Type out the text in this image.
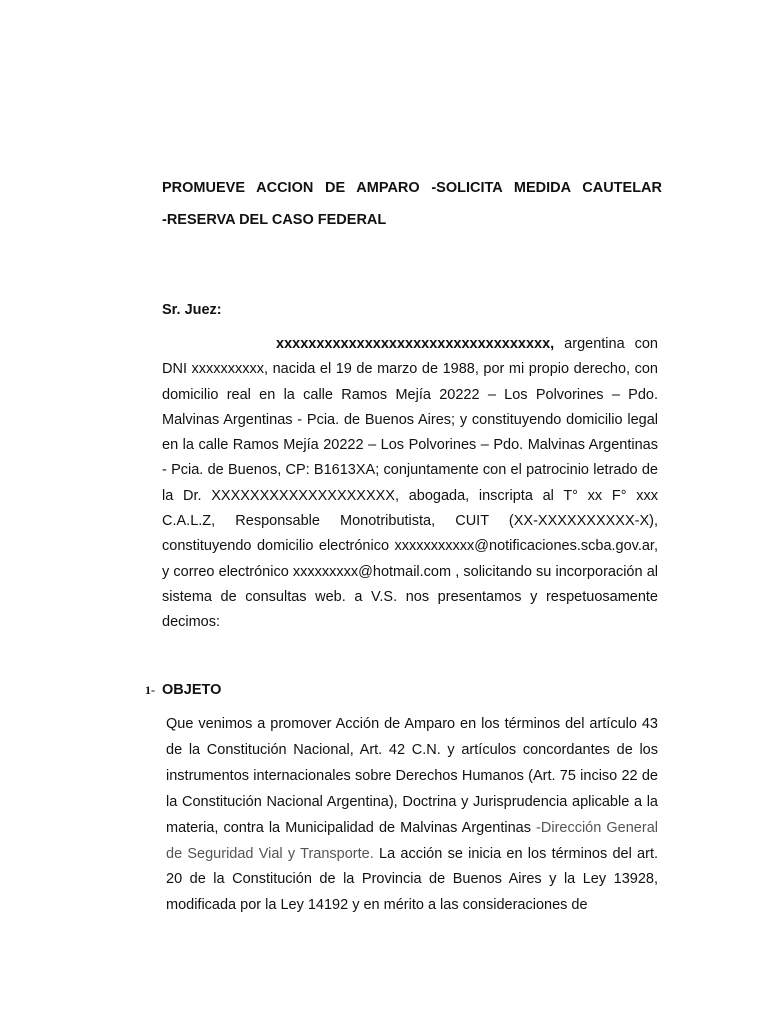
PROMUEVE ACCION DE AMPARO -SOLICITA MEDIDA CAUTELAR
-RESERVA DEL CASO FEDERAL
Sr. Juez:
xxxxxxxxxxxxxxxxxxxxxxxxxxxxxxxxxx, argentina con DNI xxxxxxxxxx, nacida el 19 de marzo de 1988, por mi propio derecho, con domicilio real en la calle Ramos Mejía 20222 – Los Polvorines – Pdo. Malvinas Argentinas - Pcia. de Buenos Aires; y constituyendo domicilio legal en la calle Ramos Mejía 20222 – Los Polvorines – Pdo. Malvinas Argentinas - Pcia. de Buenos, CP: B1613XA; conjuntamente con el patrocinio letrado de la Dr. XXXXXXXXXXXXXXXXXXX, abogada, inscripta al T° xx F° xxx C.A.L.Z, Responsable Monotributista, CUIT (XX-XXXXXXXXXX-X), constituyendo domicilio electrónico xxxxxxxxxxx@notificaciones.scba.gov.ar, y correo electrónico xxxxxxxxx@hotmail.com , solicitando su incorporación al sistema de consultas web. a V.S. nos presentamos y respetuosamente decimos:
1- OBJETO
Que venimos a promover Acción de Amparo en los términos del artículo 43 de la Constitución Nacional, Art. 42 C.N. y artículos concordantes de los instrumentos internacionales sobre Derechos Humanos (Art. 75 inciso 22 de la Constitución Nacional Argentina), Doctrina y Jurisprudencia aplicable a la materia, contra la Municipalidad de Malvinas Argentinas -Dirección General de Seguridad Vial y Transporte. La acción se inicia en los términos del art. 20 de la Constitución de la Provincia de Buenos Aires y la Ley 13928, modificada por la Ley 14192 y en mérito a las consideraciones de
